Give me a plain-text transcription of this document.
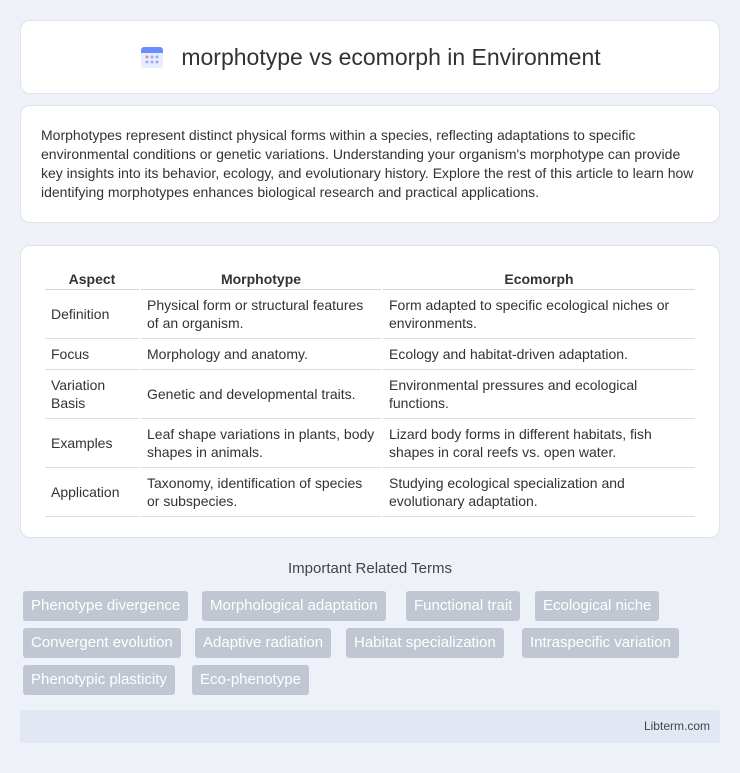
morphotype vs ecomorph in Environment

Morphotypes represent distinct physical forms within a species, reflecting adaptations to specific environmental conditions or genetic variations. Understanding your organism's morphotype can provide key insights into its behavior, ecology, and evolutionary history. Explore the rest of this article to learn how identifying morphotypes enhances biological research and practical applications.

Aspect	Morphotype	Ecomorph
Definition	Physical form or structural features of an organism.	Form adapted to specific ecological niches or environments.
Focus	Morphology and anatomy.	Ecology and habitat-driven adaptation.
Variation Basis	Genetic and developmental traits.	Environmental pressures and ecological functions.
Examples	Leaf shape variations in plants, body shapes in animals.	Lizard body forms in different habitats, fish shapes in coral reefs vs. open water.
Application	Taxonomy, identification of species or subspecies.	Studying ecological specialization and evolutionary adaptation.
Important Related Terms
Phenotype divergence	Morphological adaptation	Functional trait	Ecological niche
Convergent evolution	Adaptive radiation	Habitat specialization	Intraspecific variation
Phenotypic plasticity	Eco-phenotype
Libterm.com
